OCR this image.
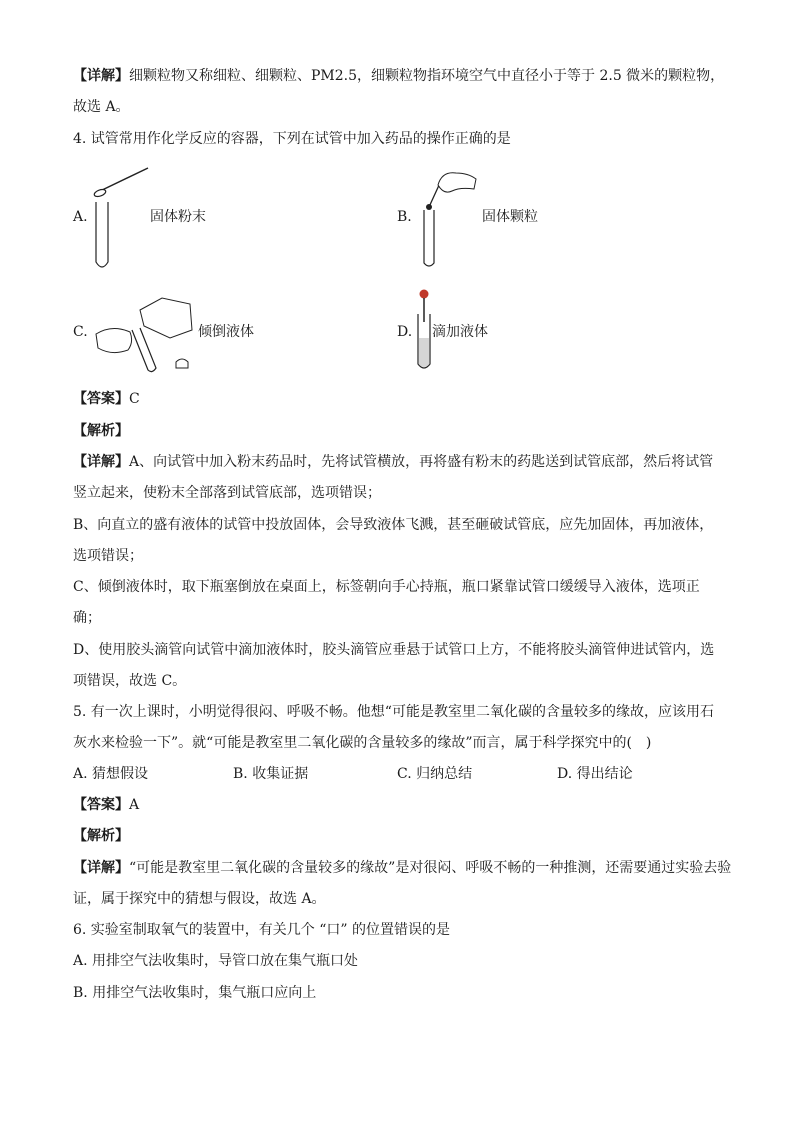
【详解】细颗粒物又称细粒、细颗粒、PM2.5，细颗粒物指环境空气中直径小于等于 2.5 微米的颗粒物，
故选 A。
4. 试管常用作化学反应的容器，下列在试管中加入药品的操作正确的是
A.	固体粉末	B.	固体颗粒
C.	倾倒液体	D. 滴加液体
【答案】C
【解析】
【详解】A、向试管中加入粉末药品时，先将试管横放，再将盛有粉末的药匙送到试管底部，然后将试管
竖立起来，使粉末全部落到试管底部，选项错误；
B、向直立的盛有液体的试管中投放固体，会导致液体飞溅，甚至砸破试管底，应先加固体，再加液体，
选项错误；
C、倾倒液体时，取下瓶塞倒放在桌面上，标签朝向手心持瓶，瓶口紧靠试管口缓缓导入液体，选项正
确；
D、使用胶头滴管向试管中滴加液体时，胶头滴管应垂悬于试管口上方，不能将胶头滴管伸进试管内，选
项错误，故选 C。
5. 有一次上课时，小明觉得很闷、呼吸不畅。他想“可能是教室里二氧化碳的含量较多的缘故，应该用石
灰水来检验一下”。就“可能是教室里二氧化碳的含量较多的缘故”而言，属于科学探究中的(　)
A. 猜想假设	B. 收集证据	C. 归纳总结	D. 得出结论
【答案】A
【解析】
【详解】“可能是教室里二氧化碳的含量较多的缘故”是对很闷、呼吸不畅的一种推测，还需要通过实验去验
证，属于探究中的猜想与假设，故选 A。
6. 实验室制取氧气的装置中，有关几个 “口” 的位置错误的是
A. 用排空气法收集时，导管口放在集气瓶口处
B. 用排空气法收集时，集气瓶口应向上
